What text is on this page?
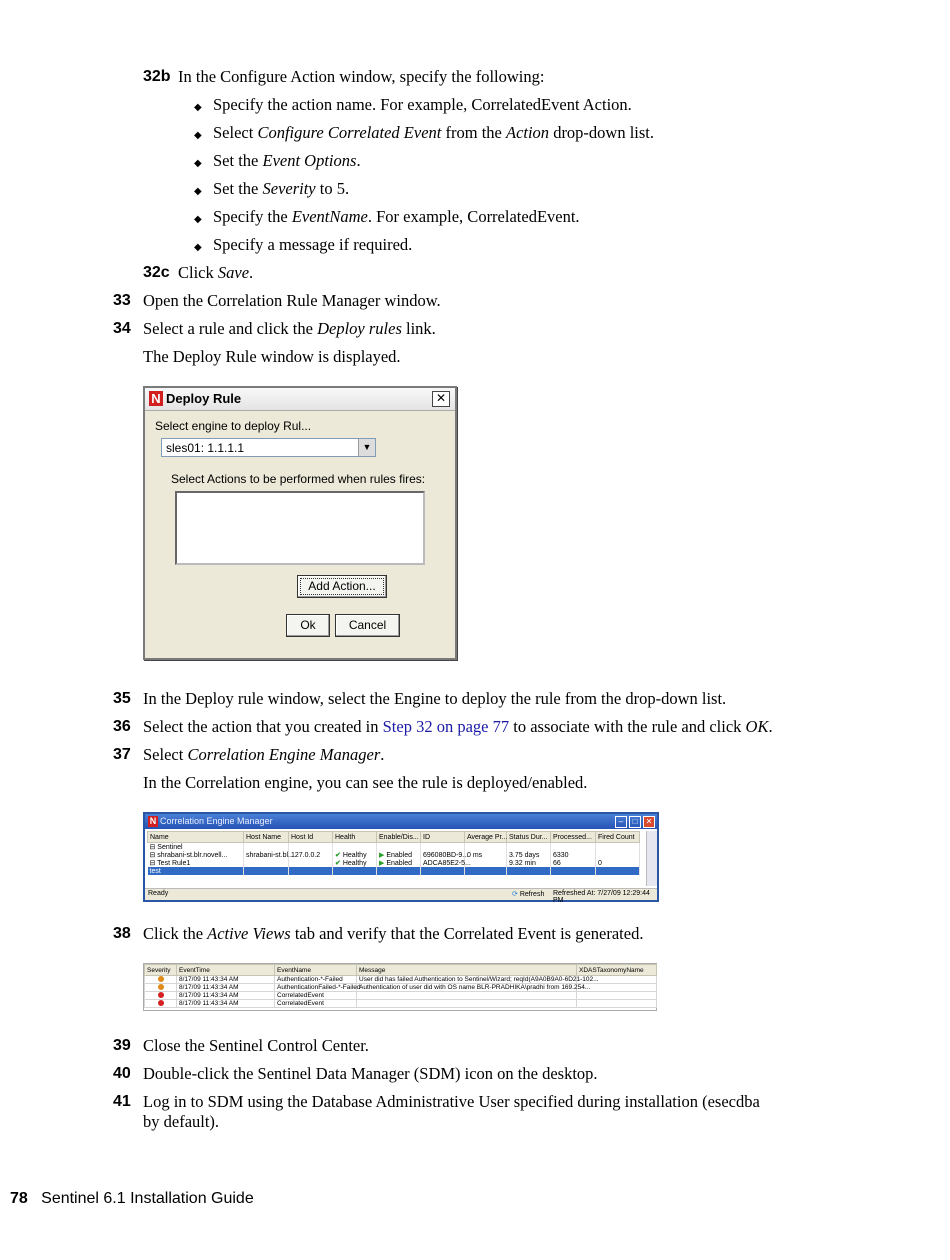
32b In the Configure Action window, specify the following:
◆ Specify the action name. For example, CorrelatedEvent Action.
◆ Select Configure Correlated Event from the Action drop-down list.
◆ Set the Event Options.
◆ Set the Severity to 5.
◆ Specify the EventName. For example, CorrelatedEvent.
◆ Specify a message if required.
32c Click Save.
33 Open the Correlation Rule Manager window.
34 Select a rule and click the Deploy rules link.
The Deploy Rule window is displayed.
N Deploy Rule	✕
Select engine to deploy Rul...
sles01: 1.1.1.1	▼
Select Actions to be performed when rules fires:
Add Action...
Ok	Cancel
35 In the Deploy rule window, select the Engine to deploy the rule from the drop-down list.
36 Select the action that you created in Step 32 on page 77 to associate with the rule and click OK.
37 Select Correlation Engine Manager.
In the Correlation engine, you can see the rule is deployed/enabled.
N Correlation Engine Manager	–	□	✕
Name	Host Name	Host Id	Health	Enable/Dis...	ID	Average Pr...	Status Dur...	Processed...	Fired Count
⊟ Sentinel									
⊟ shrabani-st.blr.novell...	shrabani-st.bl...	127.0.0.2	✔ Healthy	▶ Enabled	696080BD-9...	0 ms	3.75 days	6330	
⊟ Test Rule1			✔ Healthy	▶ Enabled	ADCA85E2-5...		9.32 min	66	0
test									
Ready	⟳ Refresh Refreshed At: 7/27/09 12:29:44 PM
38 Click the Active Views tab and verify that the Correlated Event is generated.
Severity	EventTime	EventName	Message	XDASTaxonomyName
	8/17/09 11:43:34 AM	Authentication-*-Failed	User did has failed Authentication to Sentinel/Wizard; reqId(A9A0B9A0-6D21-102...	
	8/17/09 11:43:34 AM	AuthenticationFailed-*-Failed	Authentication of user did with OS name BLR-PRADHIKA\pradhi from 169.254...	
	8/17/09 11:43:34 AM	CorrelatedEvent		
	8/17/09 11:43:34 AM	CorrelatedEvent		
39 Close the Sentinel Control Center.
40 Double-click the Sentinel Data Manager (SDM) icon on the desktop.
41 Log in to SDM using the Database Administrative User specified during installation (esecdba
by default).
78 Sentinel 6.1 Installation Guide
